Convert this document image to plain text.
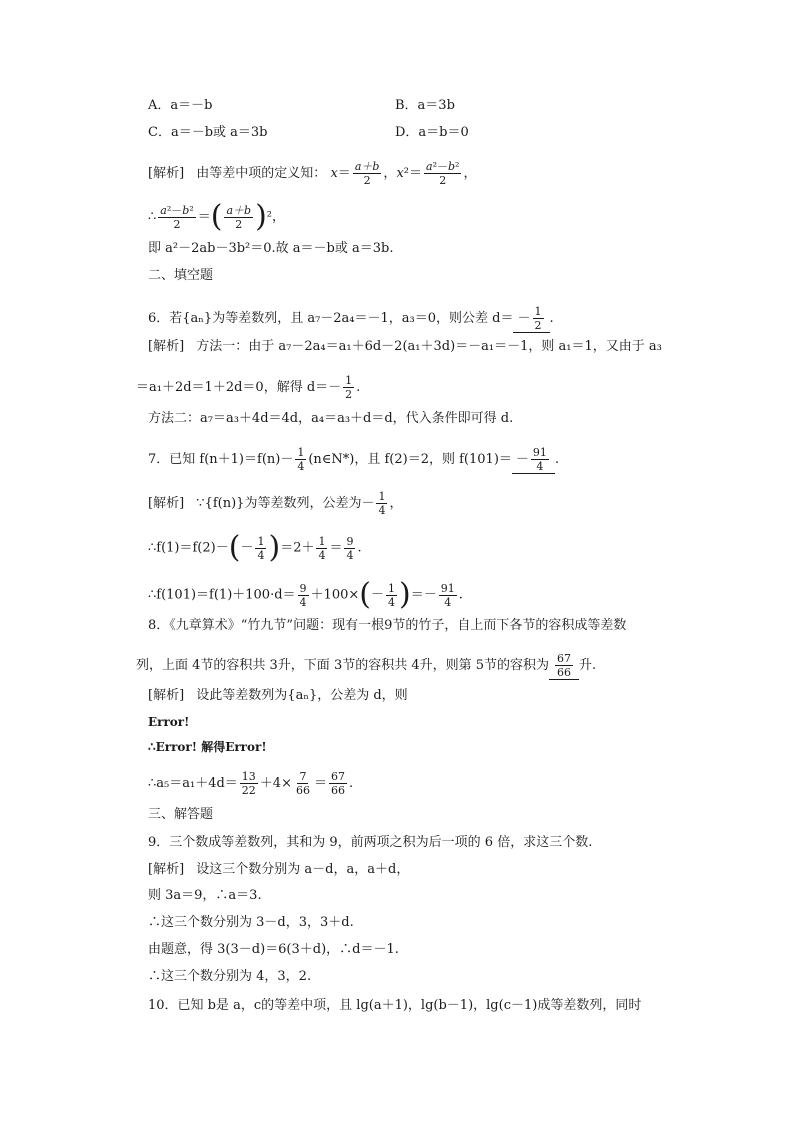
A．a＝－b	B．a＝3b
C．a＝－b或 a＝3b	D．a＝b＝0
[解析] 由等差中项的定义知： $x= \frac{a+b}{2}$ ，$x^2= \frac{\text{a²－b²}}{2}$ ，
∴ $\frac{\text{a²－b²}}{2}$ ＝( $\frac{a+b}{2} )^2$，
即 a²－2ab－3b²＝0.故 a＝－b或 a＝3b.
二、填空题
6．若{aₙ}为等差数列，且 a₇－2a₄＝－1，a₃＝0，则公差 $d= - \frac{1}{2}$ .
[解析] 方法一：由于 a₇－2a₄＝a₁＋6d－2(a₁＋3d)＝－a₁＝－1，则 a₁＝1，又由于 a₃
＝a₁＋2d＝1＋2d＝0，解得 $d=- \frac{1}{2}$ .
方法二：a₇＝a₃＋4d＝4d，a₄＝a₃＋d＝d，代入条件即可得 d.
7．已知 $f(n+1)=f(n)- \frac{1}{4}$ (n∈N*)，且 f(2)＝2，则 $f(101)= - \frac{91}{4}$ .
[解析] ∵{f(n)}为等差数列，公差为－ $\frac{1}{4}$ ，
∴f(1)＝f(2)－(－ $\frac{1}{4} )=2+ \frac{1}{4} = \frac{9}{4}$ .
∴f(101)＝f(1)＋100·d＝ $\frac{9}{4} +100\times(- \frac{1}{4}$ )＝－ $\frac{91}{4}$ .
8．《九章算术》“竹九节”问题：现有一根9节的竹子，自上而下各节的容积成等差数
列，上面 4节的容积共 3升，下面 3节的容积共 4升，则第 5节的容积为 $\frac{67}{66}$ 升.
[解析] 设此等差数列为{aₙ}，公差为 d，则
Error!
∴Error! 解得Error!
∴a₅＝a₁＋4d＝ $\frac{13}{22} +4\times \frac{7}{66} = \frac{67}{66}$ .
三、解答题
9．三个数成等差数列，其和为 9，前两项之积为后一项的 6 倍，求这三个数.
[解析] 设这三个数分别为 a－d，a，a＋d，
则 3a＝9，∴a＝3.
∴这三个数分别为 3－d，3，3＋d.
由题意，得 3(3－d)＝6(3＋d)，∴d＝－1.
∴这三个数分别为 4，3，2.
10．已知 b是 a，c的等差中项，且 lg(a＋1)，lg(b－1)，lg(c－1)成等差数列，同时
